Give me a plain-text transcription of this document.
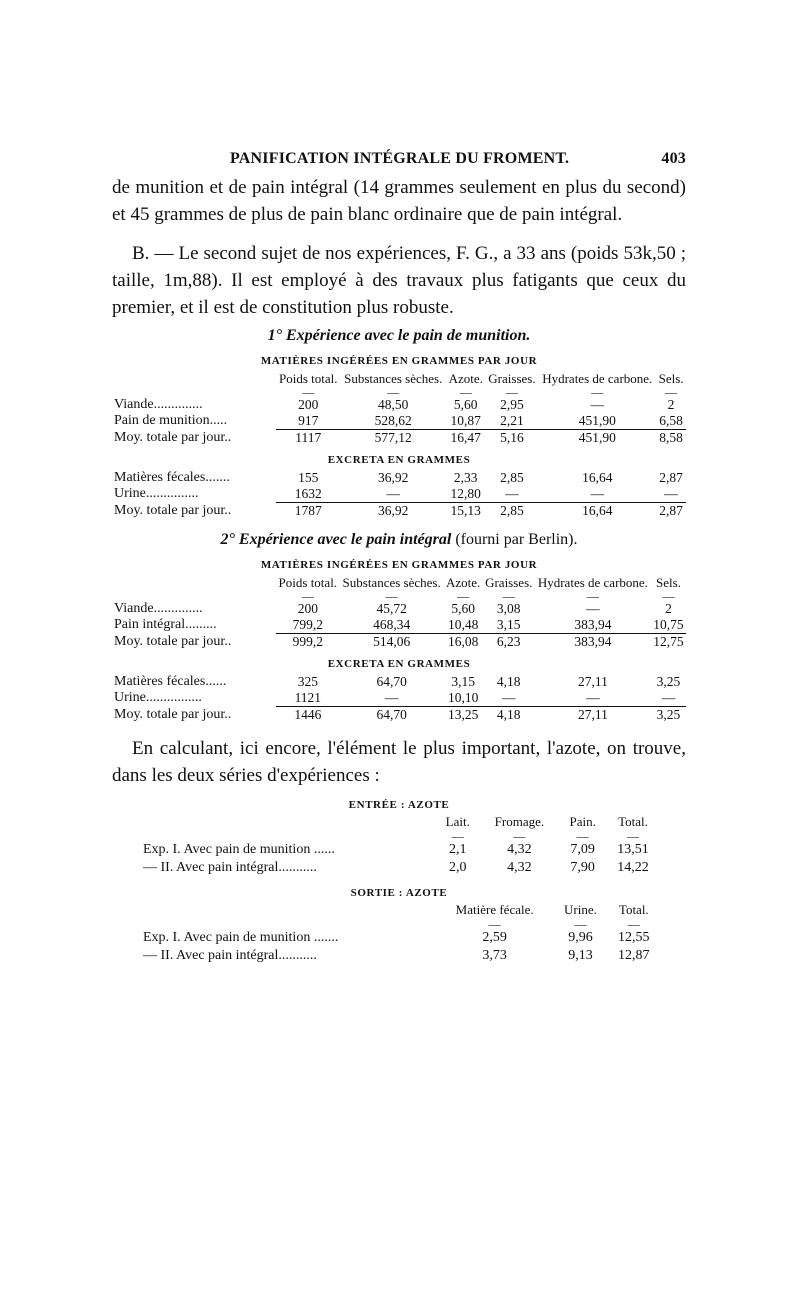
PANIFICATION INTÉGRALE DU FROMENT.	403

de munition et de pain intégral (14 grammes seulement en plus du second) et 45 grammes de plus de pain blanc ordinaire que de pain intégral.

B. — Le second sujet de nos expériences, F. G., a 33 ans (poids 53k,50 ; taille, 1m,88). Il est employé à des travaux plus fatigants que ceux du premier, et il est de constitution plus robuste.

1° Expérience avec le pain de munition.
MATIÈRES INGÉRÉES EN GRAMMES PAR JOUR
	Poids total.	Substances sèches.	Azote.	Graisses.	Hydrates de carbone.	Sels.
	—	—	—	—	—	—
Viande..............	200	48,50	5,60	2,95	—	2
Pain de munition.....	917	528,62	10,87	2,21	451,90	6,58
Moy. totale par jour..	1117	577,12	16,47	5,16	451,90	8,58

EXCRETA EN GRAMMES						

Matières fécales.......	155	36,92	2,33	2,85	16,64	2,87
Urine...............	1632	—	12,80	—	—	—
Moy. totale par jour..	1787	36,92	15,13	2,85	16,64	2,87
2° Expérience avec le pain intégral (fourni par Berlin).
MATIÈRES INGÉRÉES EN GRAMMES PAR JOUR
	Poids total.	Substances sèches.	Azote.	Graisses.	Hydrates de carbone.	Sels.
	—	—	—	—	—	—
Viande..............	200	45,72	5,60	3,08	—	2
Pain intégral.........	799,2	468,34	10,48	3,15	383,94	10,75
Moy. totale par jour..	999,2	514,06	16,08	6,23	383,94	12,75

EXCRETA EN GRAMMES						

Matières fécales......	325	64,70	3,15	4,18	27,11	3,25
Urine................	1121	—	10,10	—	—	—
Moy. totale par jour..	1446	64,70	13,25	4,18	27,11	3,25

En calculant, ici encore, l'élément le plus important, l'azote, on trouve, dans les deux séries d'expériences :

ENTRÉE : AZOTE
	Lait.	Fromage.	Pain.	Total.
	—	—	—	—
Exp. I. Avec pain de munition ......	2,1	4,32	7,09	13,51
— II. Avec pain intégral...........	2,0	4,32	7,90	14,22
SORTIE : AZOTE
	Matière fécale.	Urine.	Total.
	—	—	—
Exp. I. Avec pain de munition .......	2,59	9,96	12,55
— II. Avec pain intégral...........	3,73	9,13	12,87
